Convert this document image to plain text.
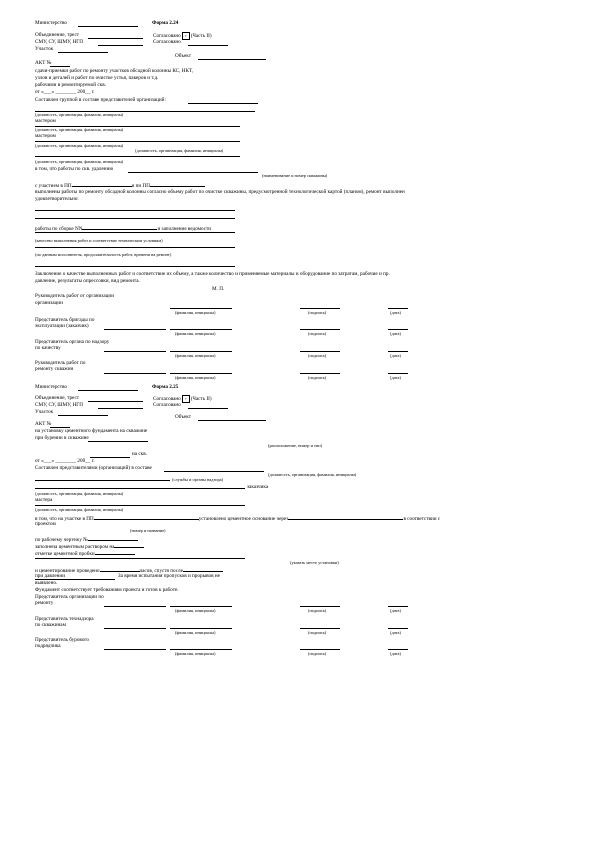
Министерство	Форма 2.24
Объединение, трест	Согласовано + (Часть II)
СМУ, СУ, ШМУ, НГП	Согласовано
Участок
Объект
АКТ №
сдачи-приемки работ по ремонту участков обсадной колонны КС, НКТ,
узлов и деталей и работ по очистке устья, пакеров и т.д.
рабочими в ремонтируемой скв.
от «___» ________ 200__ г.
Составлен группой в составе представителей организаций:
(должность, организация, фамилия, инициалы)
мастером
(должность, организация, фамилия, инициалы)
мастером
(должность, организация, фамилия, инициалы)
(должность, организация, фамилия, инициалы)
(должность, организация, фамилия, инициалы)
в том, что работы по скв. удалению
(наименование и номер скважины)
с участием в ПП	и пн ПП
выполнены работы по ремонту обсадной колонны согласно объему работ по очистке скважины, предусмотренной технологической картой (планом), ремонт выполнен
удовлетворительно:
работы по сборке NN	и заполнение ведомости
(качество выполнения работ и соответствие техническим условиям)
(по данным исполнителя, продолжительность работ, времени на ремонт)
Заключение о качестве выполненных работ и соответствие их объему, а также количество и применяемые материалы и оборудование по затратам, рабочие и пр.
давление, результаты опрессовки, вид ремонта.
М. П.
Руководитель работ от организации
организации
(фамилия, инициалы)	(подпись)	(дата)
Представитель бригады по
эксплуатации (заказчик)
(фамилия, инициалы)	(подпись)	(дата)
Представитель органа по надзору
по качеству
(фамилия, инициалы)	(подпись)	(дата)
Руководитель работ по
ремонту скважин
(фамилия, инициалы)	(подпись)	(дата)
Министерство	Форма 2.25
Объединение, трест	Согласовано + (Часть II)
СМУ, СУ, ШМУ, НГП	Согласовано
Участок
Объект
АКТ №
на установку цементного фундамента на скважине
при бурении в скважине
(расположение, номер и тип)
на скв.
от «___» ________ 200__ г.
Составлен представителями (организаций) в составе
(должность, организация, фамилия, инициалы)
(службы и органы надзора)
заказчика
(должность, организация, фамилия, инициалы)
мастера
(должность, организация, фамилия, инициалы)
в том, что на участке в ПП	установлено цементное основание через	в соответствии с
проектом
(номер и название)
по рабочему чертежу №
заполнена цементным раствором на
отметке цементной пробки
(указать место установки)
и цементирование проведено	часов, спустя после
при давлении	За время испытания пропусков и прорывов не
выявлено.
Фундамент соответствует требованиям проекта и готов к работе.
Представитель организации по
ремонту
(фамилия, инициалы)	(подпись)	(дата)
Представитель технадзора
по скважинам
(фамилия, инициалы)	(подпись)	(дата)
Представитель бурового
подрядчика
(фамилия, инициалы)	(подпись)	(дата)
